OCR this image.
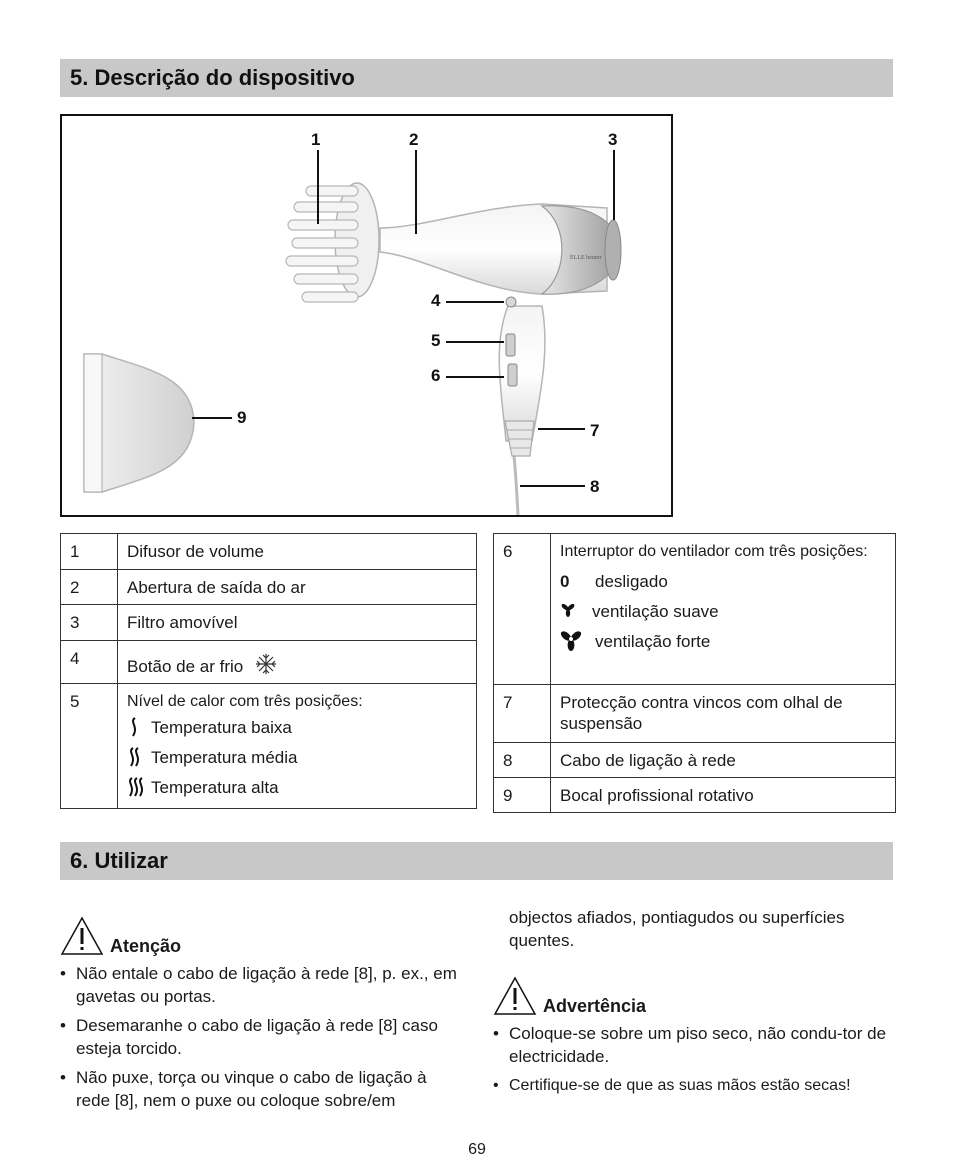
5. Descrição do dispositivo
ELLE beurer
1	2	3
4
5
6
7
8
9
1	Difusor de volume
2	Abertura de saída do ar
3	Filtro amovível
4	Botão de ar frio
5	Nível de calor com três posições:
Temperatura baixa
Temperatura média
Temperatura alta
6	Interruptor do ventilador com três posições:
0 desligado
ventilação suave
ventilação forte

7	Protecção contra vincos com olhal de suspensão
8	Cabo de ligação à rede
9	Bocal profissional rotativo
6. Utilizar
Atenção
• Não entale o cabo de ligação à rede [8], p. ex., em gavetas ou portas.
• Desemaranhe o cabo de ligação à rede [8] caso esteja torcido.
• Não puxe, torça ou vinque o cabo de ligação à rede [8], nem o puxe ou coloque sobre/em
objectos afiados, pontiagudos ou superfícies quentes.
Advertência
• Coloque-se sobre um piso seco, não condu-tor de electricidade.
• Certifique-se de que as suas mãos estão secas!
69
